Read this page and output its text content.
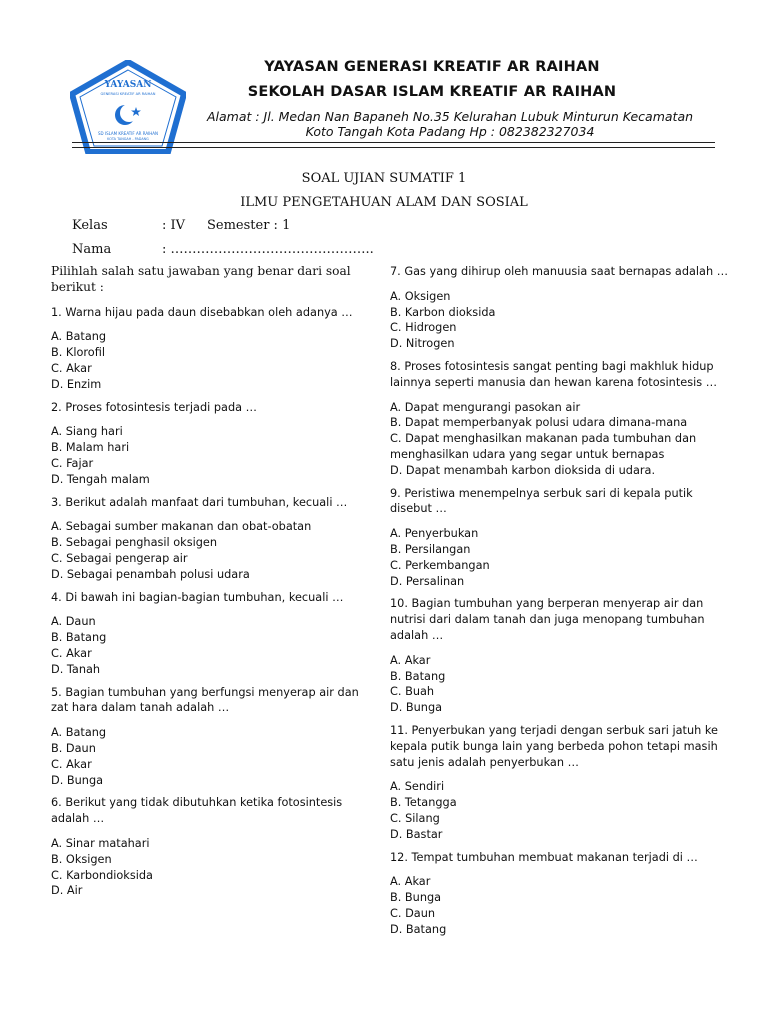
YAYASAN
GENERASI KREATIF AR RAIHAN
SD ISLAM KREATIF AR RAIHAN
KOTA TANGAH - PADANG
YAYASAN GENERASI KREATIF AR RAIHAN
SEKOLAH DASAR ISLAM KREATIF AR RAIHAN
Alamat : Jl. Medan Nan Bapaneh No.35 Kelurahan Lubuk Minturun Kecamatan
Koto Tangah Kota Padang Hp : 082382327034
SOAL UJIAN SUMATIF 1
ILMU PENGETAHUAN ALAM DAN SOSIAL
Kelas	: IV Semester : 1
Nama	: ………………………………………..
Pilihlah salah satu jawaban yang benar dari soal berikut :
1. Warna hijau pada daun disebabkan oleh adanya …
A. Batang
B. Klorofil
C. Akar
D. Enzim
2. Proses fotosintesis terjadi pada …
A. Siang hari
B. Malam hari
C. Fajar
D. Tengah malam
3. Berikut adalah manfaat dari tumbuhan, kecuali …
A. Sebagai sumber makanan dan obat-obatan
B. Sebagai penghasil oksigen
C. Sebagai pengerap air
D. Sebagai penambah polusi udara
4. Di bawah ini bagian-bagian tumbuhan, kecuali …
A. Daun
B. Batang
C. Akar
D. Tanah
5. Bagian tumbuhan yang berfungsi menyerap air dan zat hara dalam tanah adalah …
A. Batang
B. Daun
C. Akar
D. Bunga
6. Berikut yang tidak dibutuhkan ketika fotosintesis adalah …
A. Sinar matahari
B. Oksigen
C. Karbondioksida
D. Air
7. Gas yang dihirup oleh manuusia saat bernapas adalah …
A. Oksigen
B. Karbon dioksida
C. Hidrogen
D. Nitrogen
8. Proses fotosintesis sangat penting bagi makhluk hidup lainnya seperti manusia dan hewan karena fotosintesis …
A. Dapat mengurangi pasokan air
B. Dapat memperbanyak polusi udara dimana-mana
C. Dapat menghasilkan makanan pada tumbuhan dan menghasilkan udara yang segar untuk bernapas
D. Dapat menambah karbon dioksida di udara.
9. Peristiwa menempelnya serbuk sari di kepala putik disebut …
A. Penyerbukan
B. Persilangan
C. Perkembangan
D. Persalinan
10. Bagian tumbuhan yang berperan menyerap air dan nutrisi dari dalam tanah dan juga menopang tumbuhan adalah …
A. Akar
B. Batang
C. Buah
D. Bunga
11. Penyerbukan yang terjadi dengan serbuk sari jatuh ke kepala putik bunga lain yang berbeda pohon tetapi masih satu jenis adalah penyerbukan …
A. Sendiri
B. Tetangga
C. Silang
D. Bastar
12. Tempat tumbuhan membuat makanan terjadi di …
A. Akar
B. Bunga
C. Daun
D. Batang
